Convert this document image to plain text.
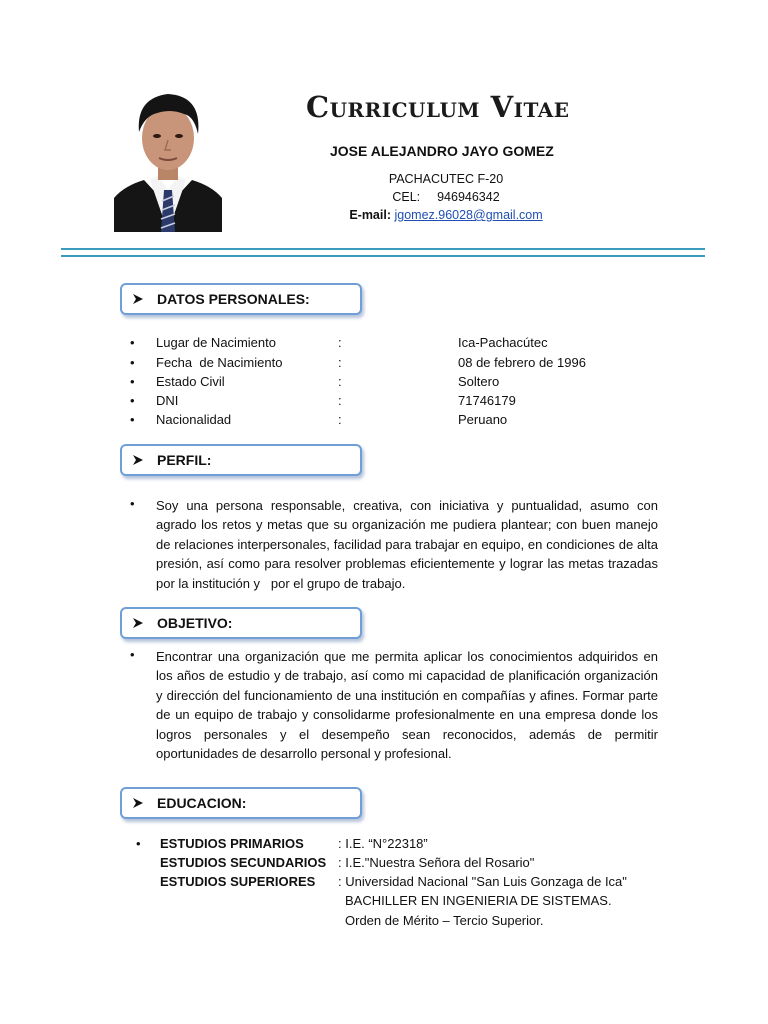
Curriculum Vitae
JOSE ALEJANDRO JAYO GOMEZ
PACHACUTEC F-20
CEL: 946946342
E-mail: jgomez.96028@gmail.com
DATOS PERSONALES:
• Lugar de Nacimiento	:	Ica-Pachacútec
• Fecha  de Nacimiento	:	08 de febrero de 1996
• Estado Civil	:	Soltero
• DNI	:	71746179
• Nacionalidad	:	Peruano
PERFIL:
• Soy una persona responsable, creativa, con iniciativa y puntualidad, asumo con agrado los retos y metas que su organización me pudiera plantear; con buen manejo de relaciones interpersonales, facilidad para trabajar en equipo, en condiciones de alta presión, así como para resolver problemas eficientemente y lograr las metas trazadas por la institución y   por el grupo de trabajo.
OBJETIVO:
• Encontrar una organización que me permita aplicar los conocimientos adquiridos en los años de estudio y de trabajo, así como mi capacidad de planificación organización y dirección del funcionamiento de una institución en compañías y afines. Formar parte de un equipo de trabajo y consolidarme profesionalmente en una empresa donde los logros personales y el desempeño sean reconocidos, además de permitir oportunidades de desarrollo personal y profesional.
EDUCACION:
• ESTUDIOS PRIMARIOS	: I.E. “N°22318”
ESTUDIOS SECUNDARIOS : I.E."Nuestra Señora del Rosario"
ESTUDIOS SUPERIORES : Universidad Nacional "San Luis Gonzaga de Ica"
BACHILLER EN INGENIERIA DE SISTEMAS.
Orden de Mérito – Tercio Superior.
